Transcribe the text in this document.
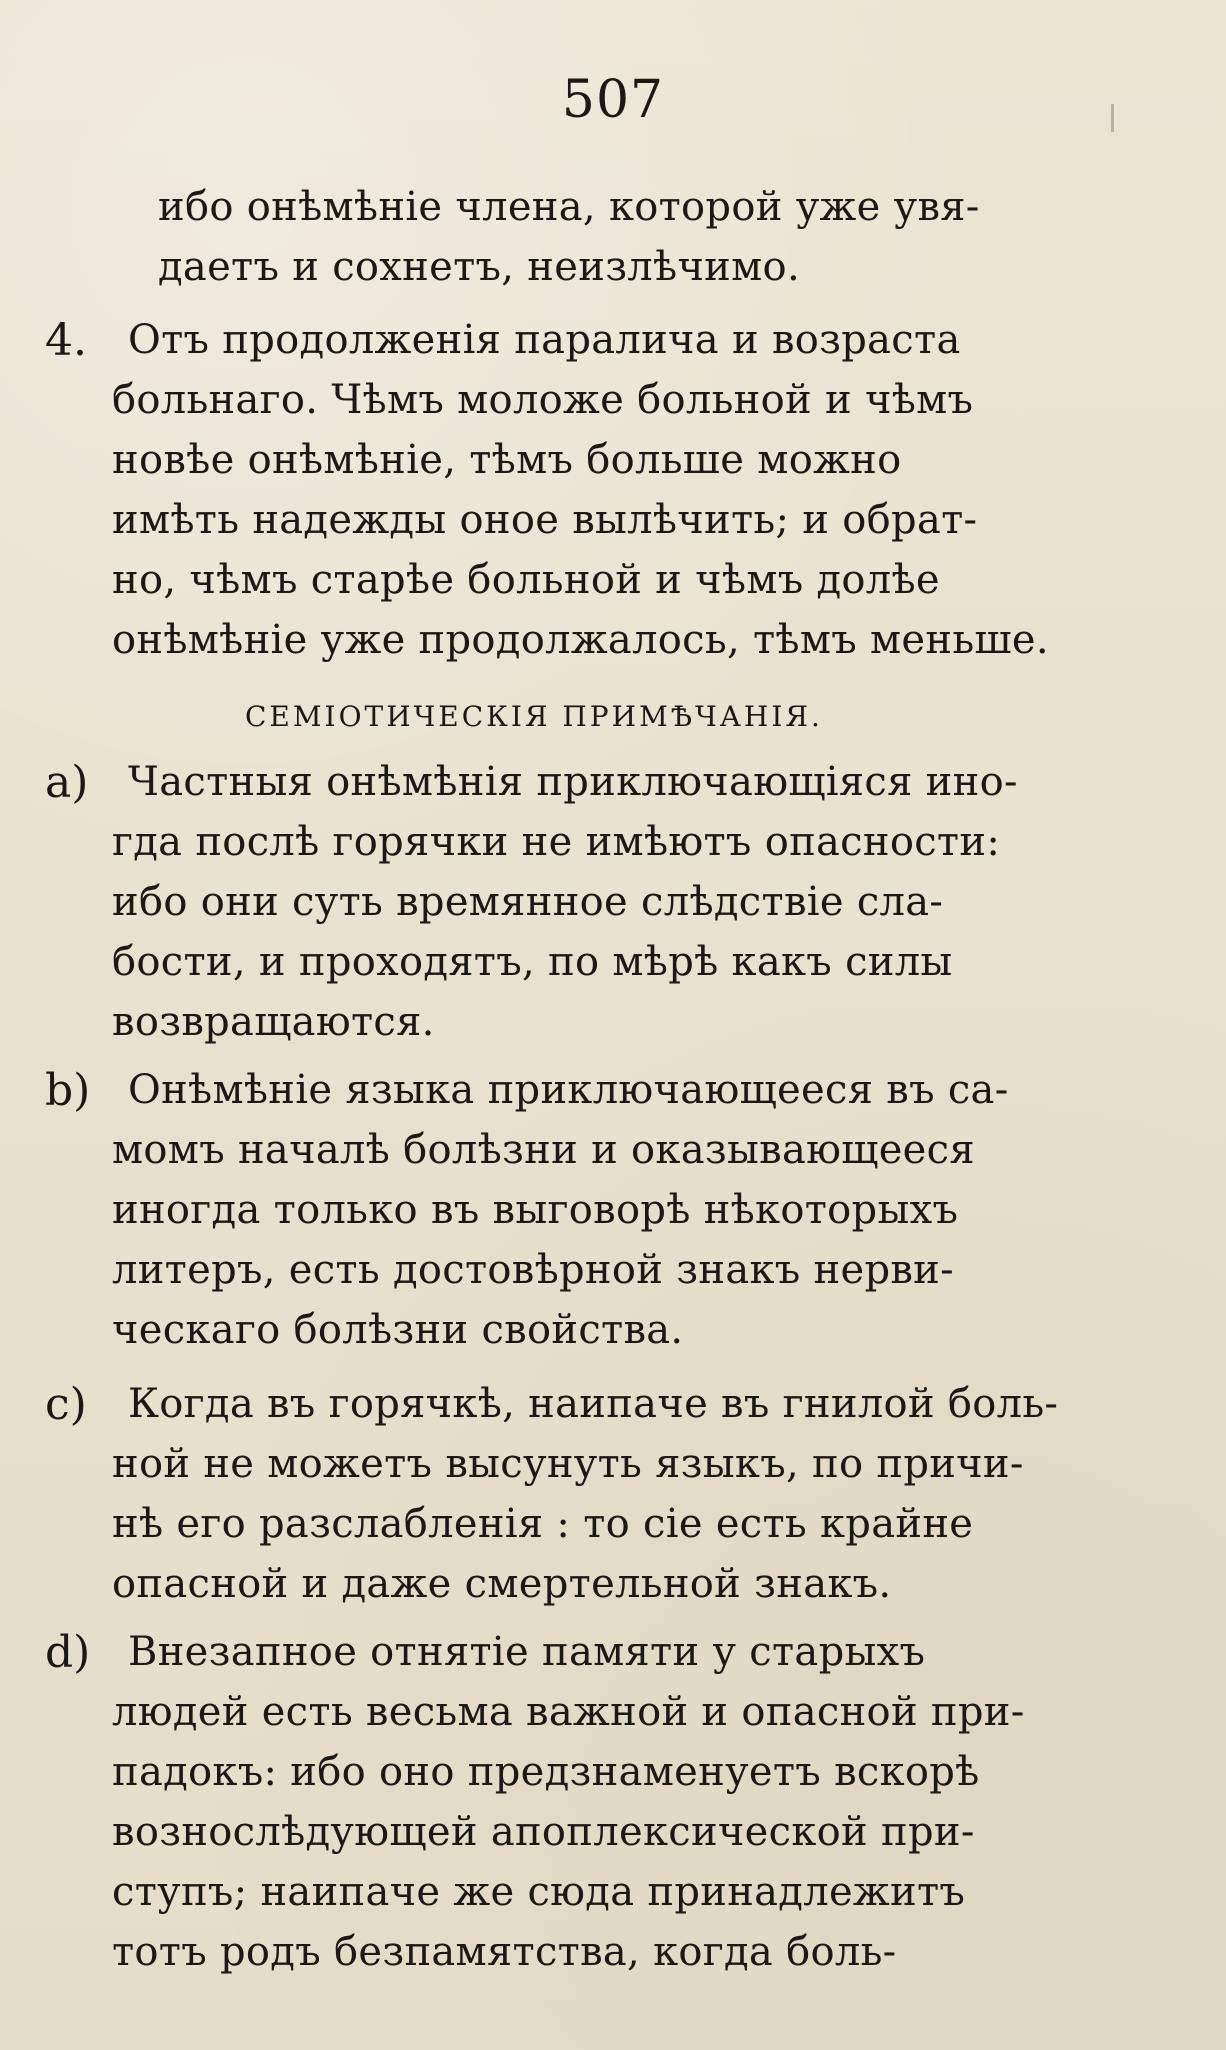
507

ибо онѣмѣніе члена, которой уже увя-

даетъ и сохнетъ, неизлѣчимо.

4. Отъ продолженія паралича и возраста

больнаго. Чѣмъ моложе больной и чѣмъ

новѣе онѣмѣніе, тѣмъ больше можно

имѣть надежды оное вылѣчить; и обрат-

но, чѣмъ старѣе больной и чѣмъ долѣе

онѣмѣніе уже продолжалось, тѣмъ меньше.

СЕМІОТИЧЕСКІЯ ПРИМѢЧАНІЯ.

a) Частныя онѣмѣнія приключающіяся ино-

гда послѣ горячки не имѣютъ опасности:

ибо они суть времянное слѣдствіе сла-

бости, и проходятъ, по мѣрѣ какъ силы

возвращаются.

b) Онѣмѣніе языка приключающееся въ са-

момъ началѣ болѣзни и оказывающееся

иногда только въ выговорѣ нѣкоторыхъ

литеръ, есть достовѣрной знакъ нерви-

ческаго болѣзни свойства.

c) Когда въ горячкѣ, наипаче въ гнилой боль-

ной не можетъ высунуть языкъ, по причи-

нѣ его разслабленія : то сіе есть крайне

опасной и даже смертельной знакъ.

d) Внезапное отнятіе памяти у старыхъ

людей есть весьма важной и опасной при-

падокъ: ибо оно предзнаменуетъ вскорѣ

вознослѣдующей апоплексической при-

ступъ; наипаче же сюда принадлежитъ

тотъ родъ безпамятства, когда боль-
